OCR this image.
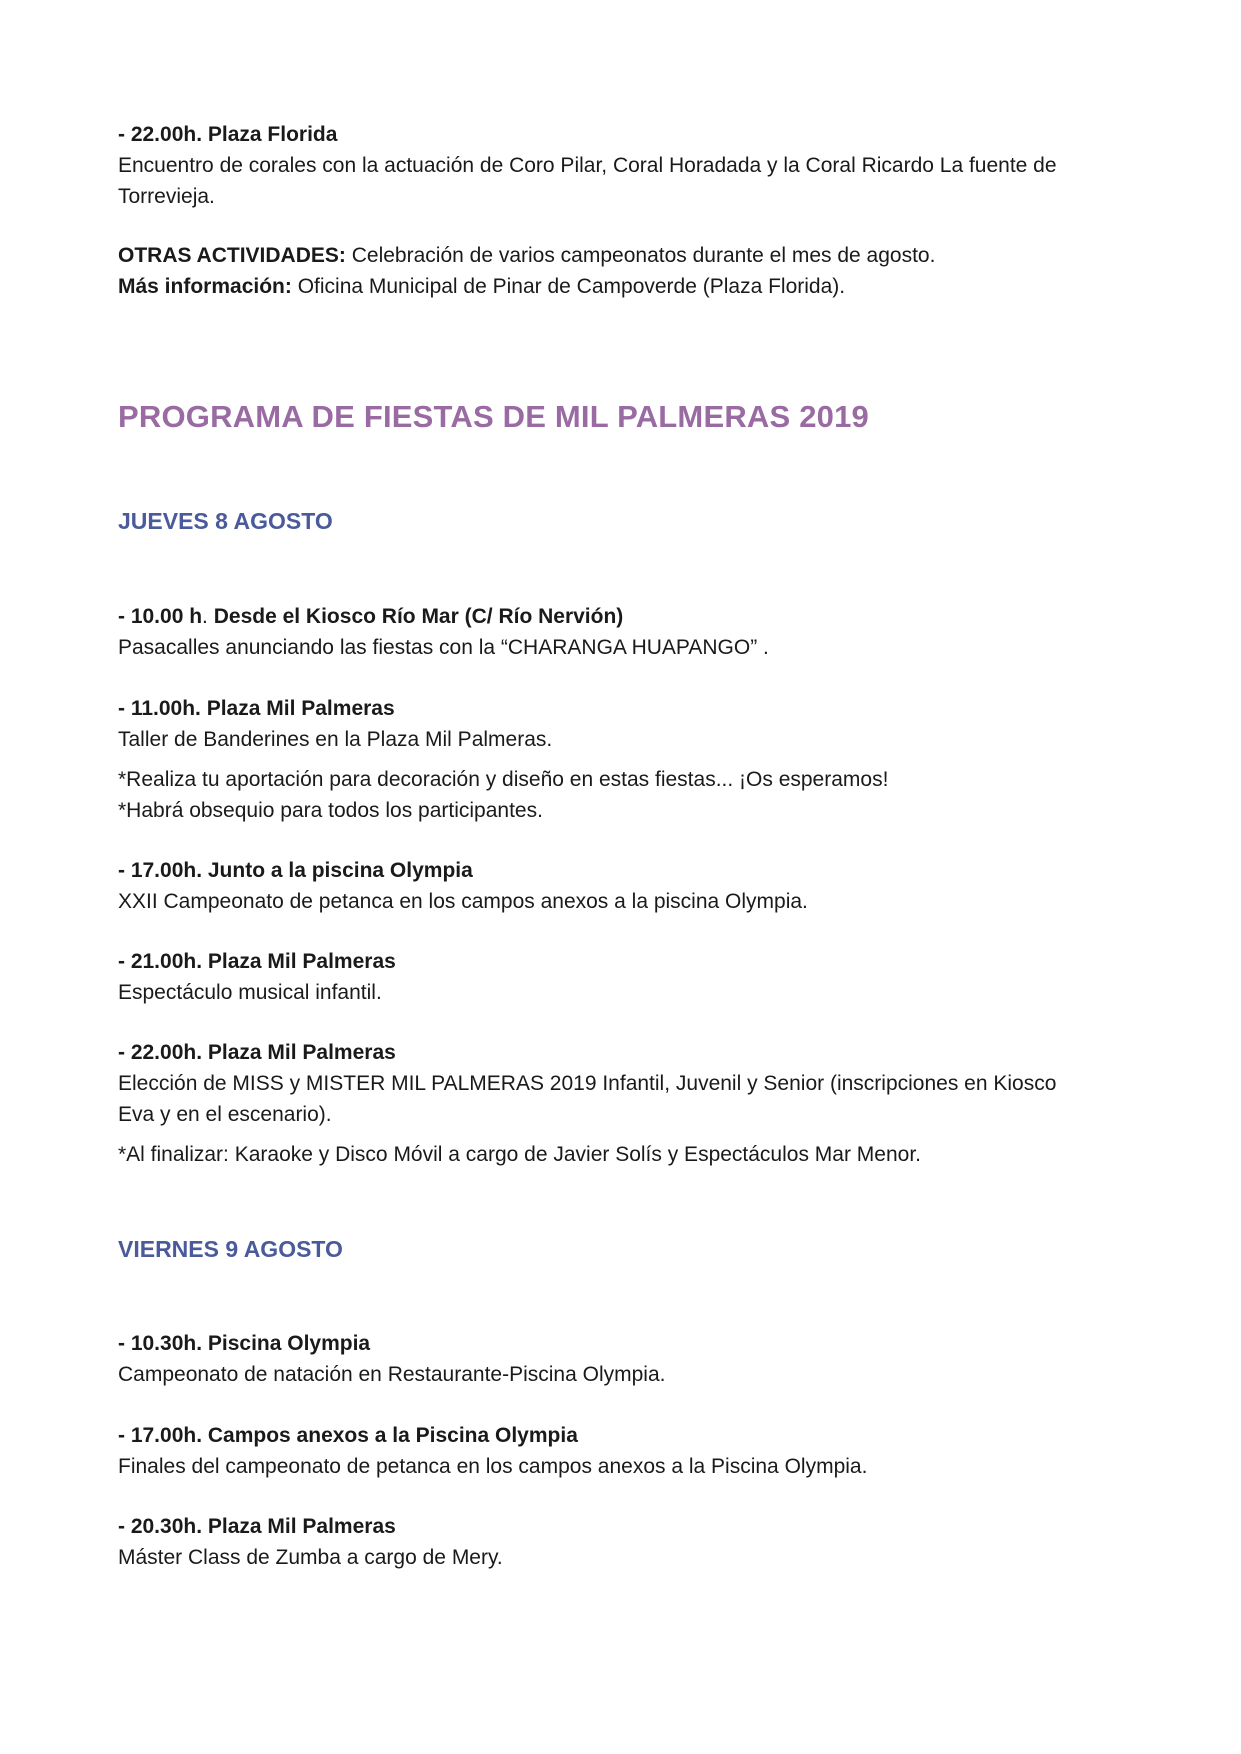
- 22.00h. Plaza Florida
Encuentro de corales con la actuación de Coro Pilar, Coral Horadada y la Coral Ricardo La fuente de Torrevieja.
OTRAS ACTIVIDADES: Celebración de varios campeonatos durante el mes de agosto.
Más información: Oficina Municipal de Pinar de Campoverde (Plaza Florida).
PROGRAMA DE FIESTAS DE MIL PALMERAS 2019
JUEVES 8 AGOSTO
- 10.00 h. Desde el Kiosco Río Mar (C/ Río Nervión)
Pasacalles anunciando las fiestas con la “CHARANGA HUAPANGO” .
- 11.00h. Plaza Mil Palmeras
Taller de Banderines en la Plaza Mil Palmeras.
*Realiza tu aportación para decoración y diseño en estas fiestas... ¡Os esperamos!
*Habrá obsequio para todos los participantes.
- 17.00h. Junto a la piscina Olympia
XXII Campeonato de petanca en los campos anexos a la piscina Olympia.
- 21.00h. Plaza Mil Palmeras
Espectáculo musical infantil.
- 22.00h. Plaza Mil Palmeras
Elección de MISS y MISTER MIL PALMERAS 2019 Infantil, Juvenil y Senior (inscripciones en Kiosco
Eva y en el escenario).
*Al finalizar: Karaoke y Disco Móvil a cargo de Javier Solís y Espectáculos Mar Menor.
VIERNES 9 AGOSTO
- 10.30h. Piscina Olympia
Campeonato de natación en Restaurante-Piscina Olympia.
- 17.00h. Campos anexos a la Piscina Olympia
Finales del campeonato de petanca en los campos anexos a la Piscina Olympia.
- 20.30h. Plaza Mil Palmeras
Máster Class de Zumba a cargo de Mery.
